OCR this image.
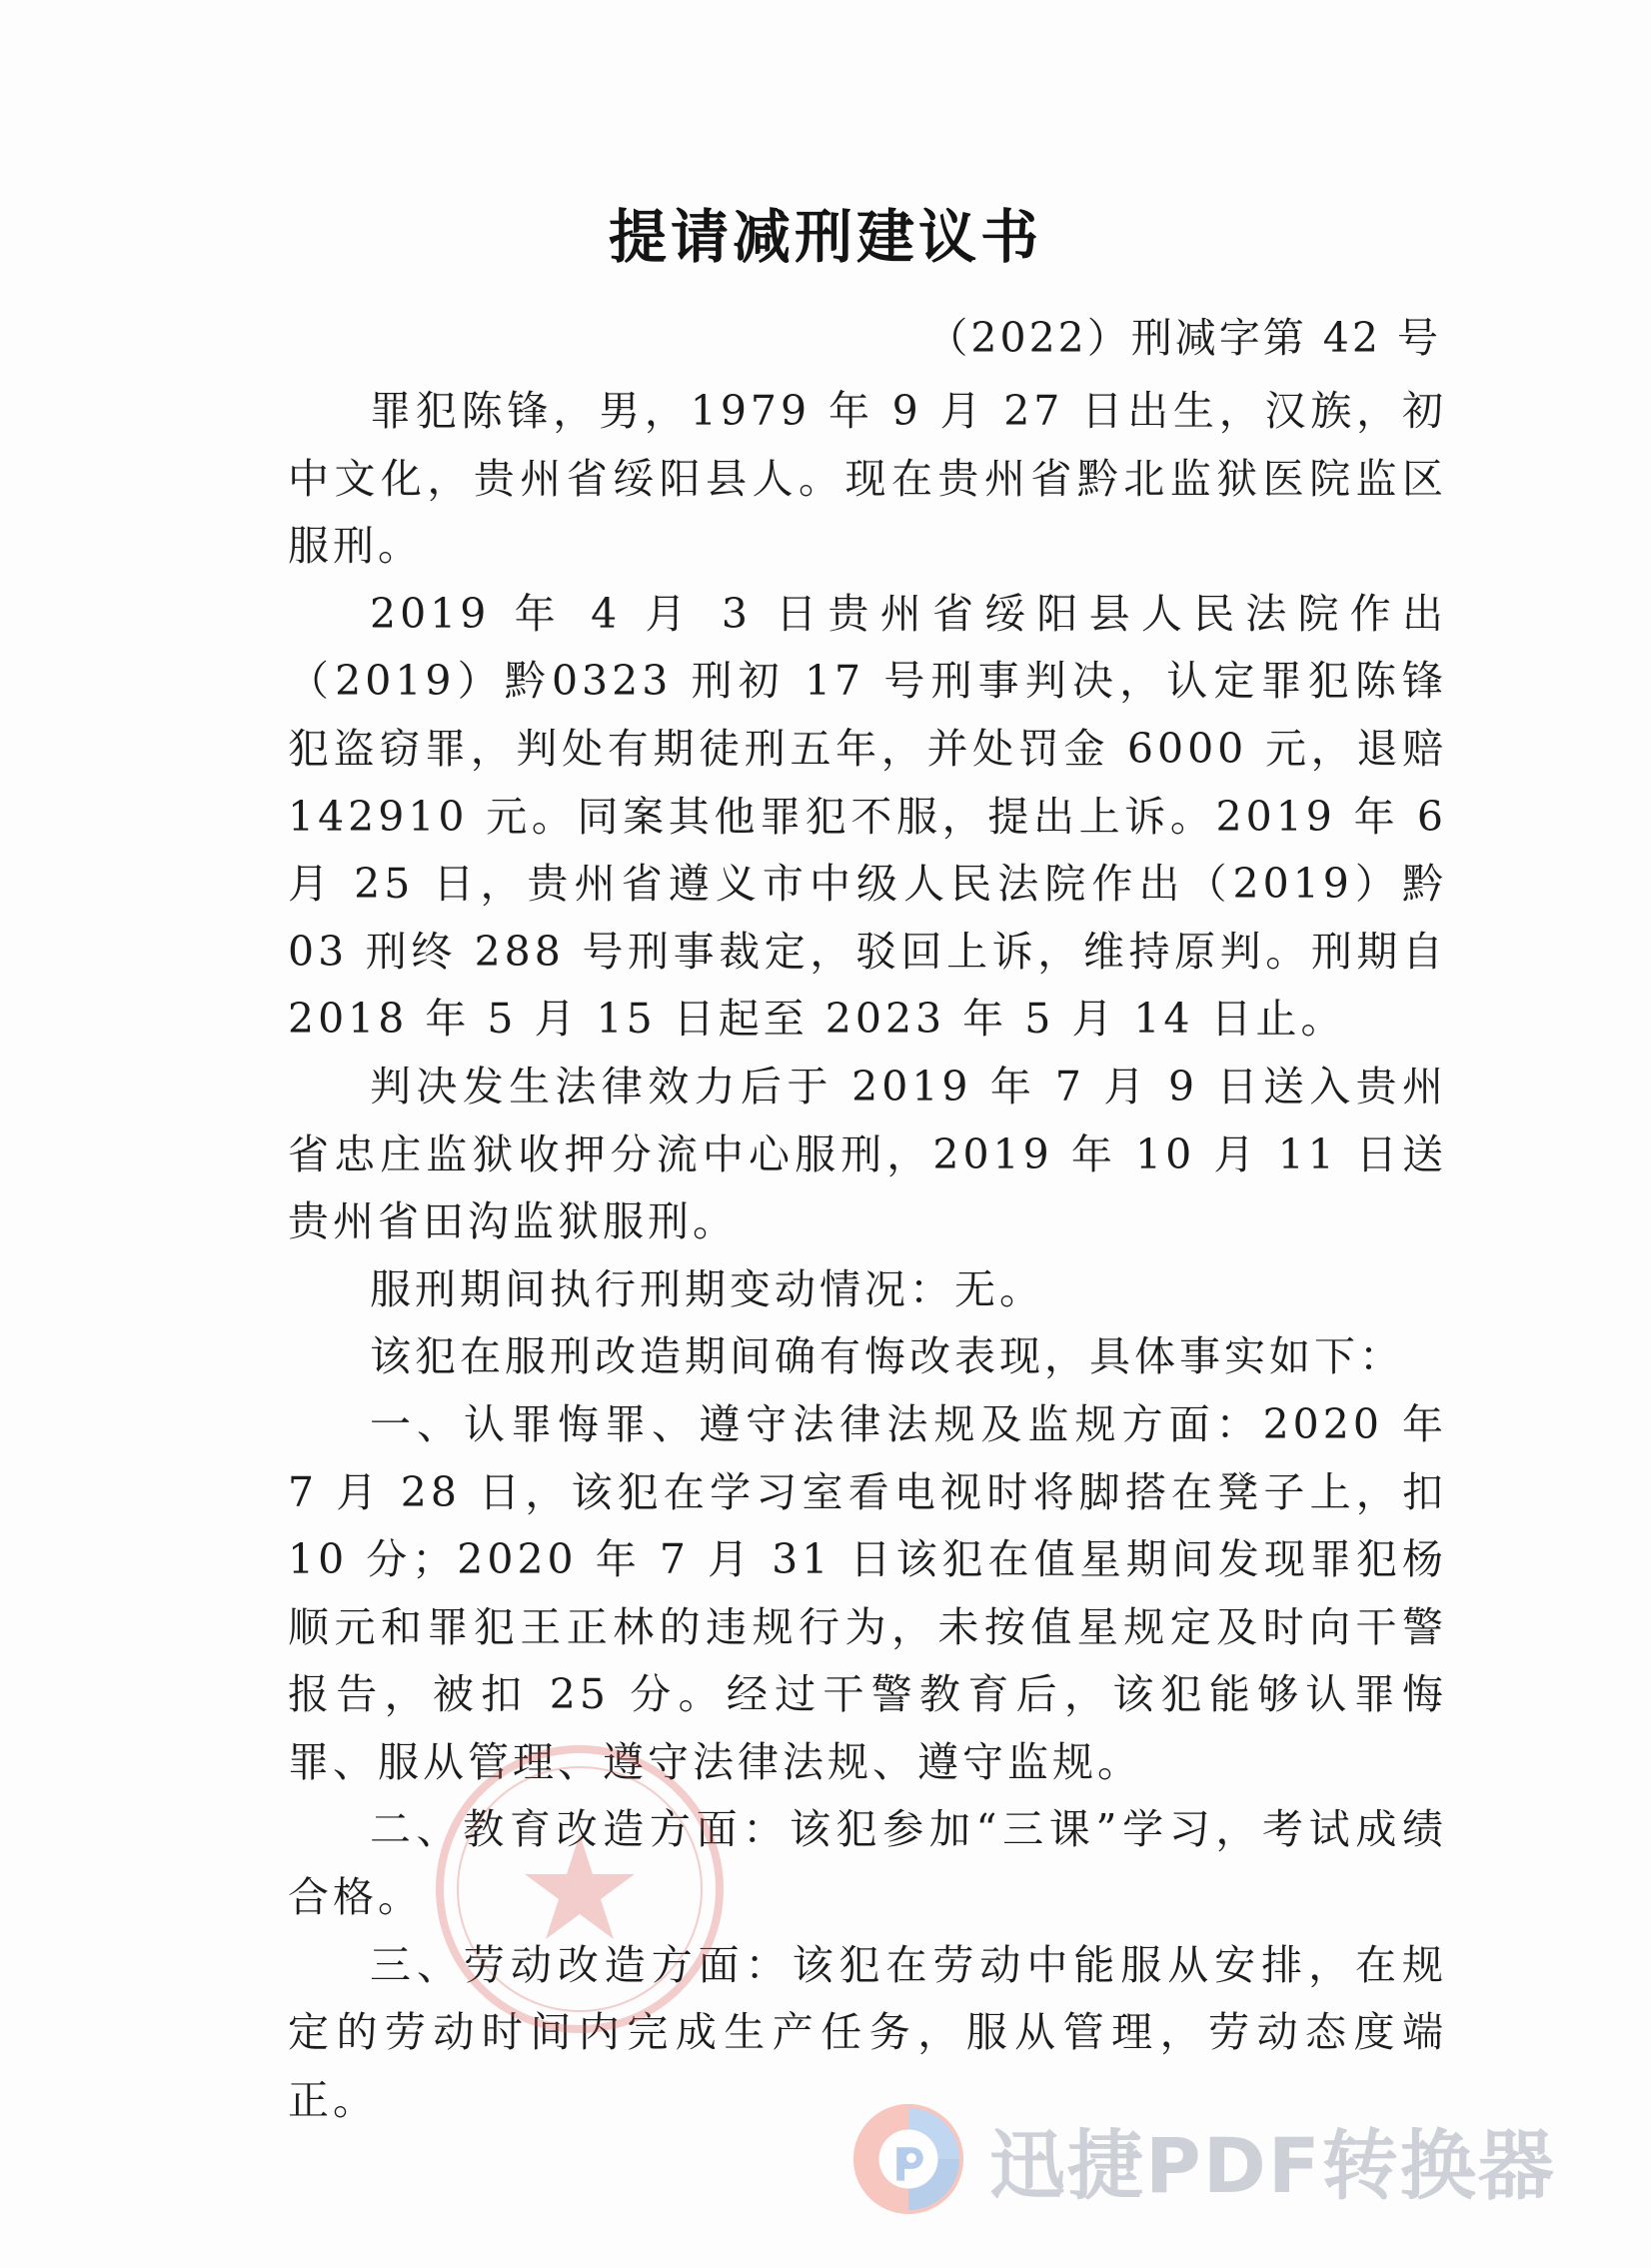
提请减刑建议书
（2022）刑减字第 42 号

罪犯陈锋，男，1979 年 9 月 27 日出生，汉族，初中文化，贵州省绥阳县人。现在贵州省黔北监狱医院监区服刑。

2019 年 4 月 3 日贵州省绥阳县人民法院作出（2019）黔0323 刑初 17 号刑事判决，认定罪犯陈锋犯盗窃罪，判处有期徒刑五年，并处罚金 6000 元，退赔 142910 元。同案其他罪犯不服，提出上诉。2019 年 6 月 25 日，贵州省遵义市中级人民法院作出（2019）黔 03 刑终 288 号刑事裁定，驳回上诉，维持原判。刑期自 2018 年 5 月 15 日起至 2023 年 5 月 14 日止。

判决发生法律效力后于 2019 年 7 月 9 日送入贵州省忠庄监狱收押分流中心服刑，2019 年 10 月 11 日送贵州省田沟监狱服刑。

服刑期间执行刑期变动情况：无。

该犯在服刑改造期间确有悔改表现，具体事实如下：

一、认罪悔罪、遵守法律法规及监规方面：2020 年 7 月 28 日，该犯在学习室看电视时将脚搭在凳子上，扣 10 分；2020 年 7 月 31 日该犯在值星期间发现罪犯杨顺元和罪犯王正林的违规行为，未按值星规定及时向干警报告，被扣 25 分。经过干警教育后，该犯能够认罪悔罪、服从管理、遵守法律法规、遵守监规。

二、教育改造方面：该犯参加“三课”学习，考试成绩合格。

三、劳动改造方面：该犯在劳动中能服从安排，在规定的劳动时间内完成生产任务，服从管理，劳动态度端正。

迅捷PDF转换器
